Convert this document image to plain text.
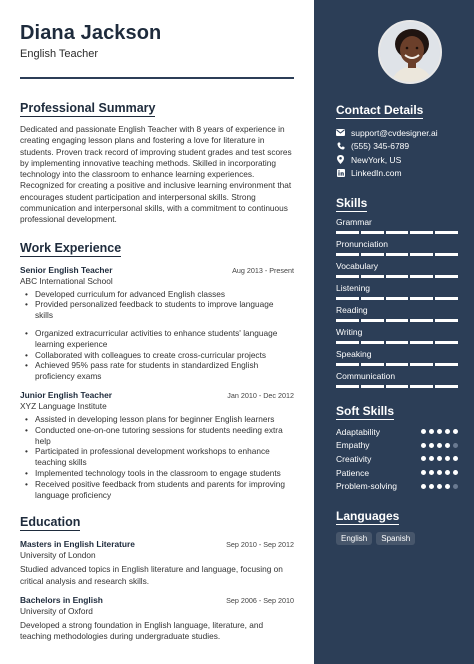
Diana Jackson
English Teacher
Professional Summary
Dedicated and passionate English Teacher with 8 years of experience in creating engaging lesson plans and fostering a love for literature in students. Proven track record of improving student grades and test scores by implementing innovative teaching methods. Skilled in incorporating technology into the classroom to enhance learning experiences. Recognized for creating a positive and inclusive learning environment that encourages student participation and interpersonal skills. Strong communication and interpersonal skills, with a commitment to continuous professional development.
Work Experience
Senior English Teacher	Aug 2013 - Present
ABC International School
• Developed curriculum for advanced English classes
• Provided personalized feedback to students to improve language skills
• Organized extracurricular activities to enhance students' language learning experience
• Collaborated with colleagues to create cross-curricular projects
• Achieved 95% pass rate for students in standardized English proficiency exams
Junior English Teacher	Jan 2010 - Dec 2012
XYZ Language Institute
• Assisted in developing lesson plans for beginner English learners
• Conducted one-on-one tutoring sessions for students needing extra help
• Participated in professional development workshops to enhance teaching skills
• Implemented technology tools in the classroom to engage students
• Received positive feedback from students and parents for improving language proficiency
Education
Masters in English Literature	Sep 2010 - Sep 2012
University of London
Studied advanced topics in English literature and language, focusing on critical analysis and research skills.
Bachelors in English	Sep 2006 - Sep 2010
University of Oxford
Developed a strong foundation in English language, literature, and teaching methodologies during undergraduate studies.
Contact Details
support@cvdesigner.ai
(555) 345-6789
NewYork, US
LinkedIn.com
Skills
Grammar
Pronunciation
Vocabulary
Listening
Reading
Writing
Speaking
Communication
Soft Skills
Adaptability
Empathy
Creativity
Patience
Problem-solving
Languages
English	Spanish
